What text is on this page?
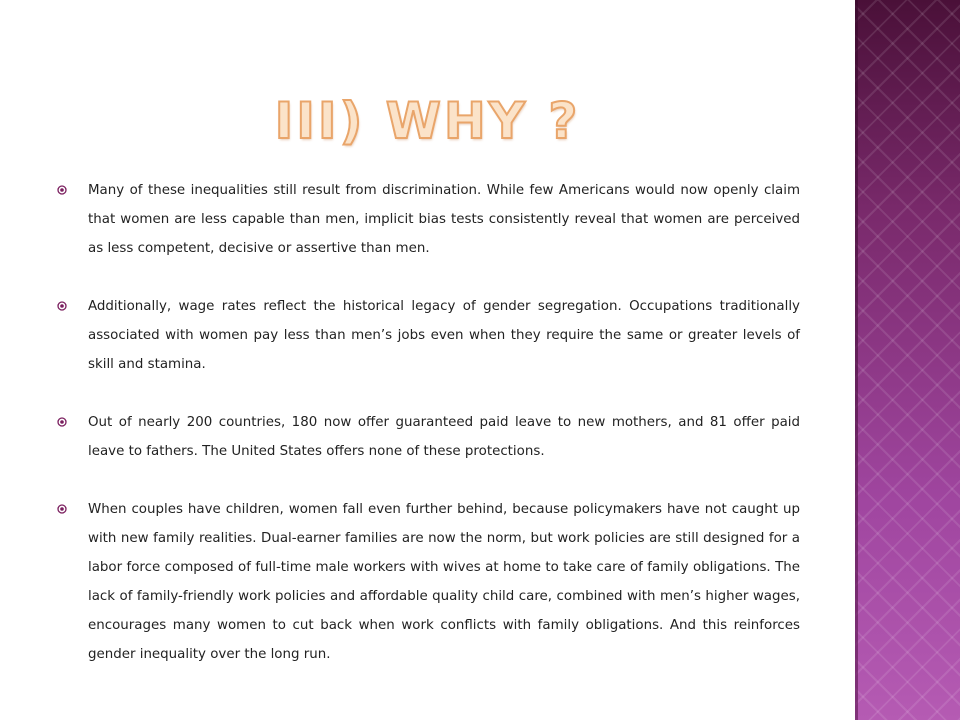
III) WHY ?

Many of these inequalities still result from discrimination. While few Americans would now openly claim that women are less capable than men, implicit bias tests consistently reveal that women are perceived as less competent, decisive or assertive than men.

Additionally, wage rates reflect the historical legacy of gender segregation. Occupations traditionally associated with women pay less than men’s jobs even when they require the same or greater levels of skill and stamina.

Out of nearly 200 countries, 180 now offer guaranteed paid leave to new mothers, and 81 offer paid leave to fathers. The United States offers none of these protections.

When couples have children, women fall even further behind, because policymakers have not caught up with new family realities. Dual-earner families are now the norm, but work policies are still designed for a labor force composed of full-time male workers with wives at home to take care of family obligations. The lack of family-friendly work policies and affordable quality child care, combined with men’s higher wages, encourages many women to cut back when work conflicts with family obligations. And this reinforces gender inequality over the long run.
